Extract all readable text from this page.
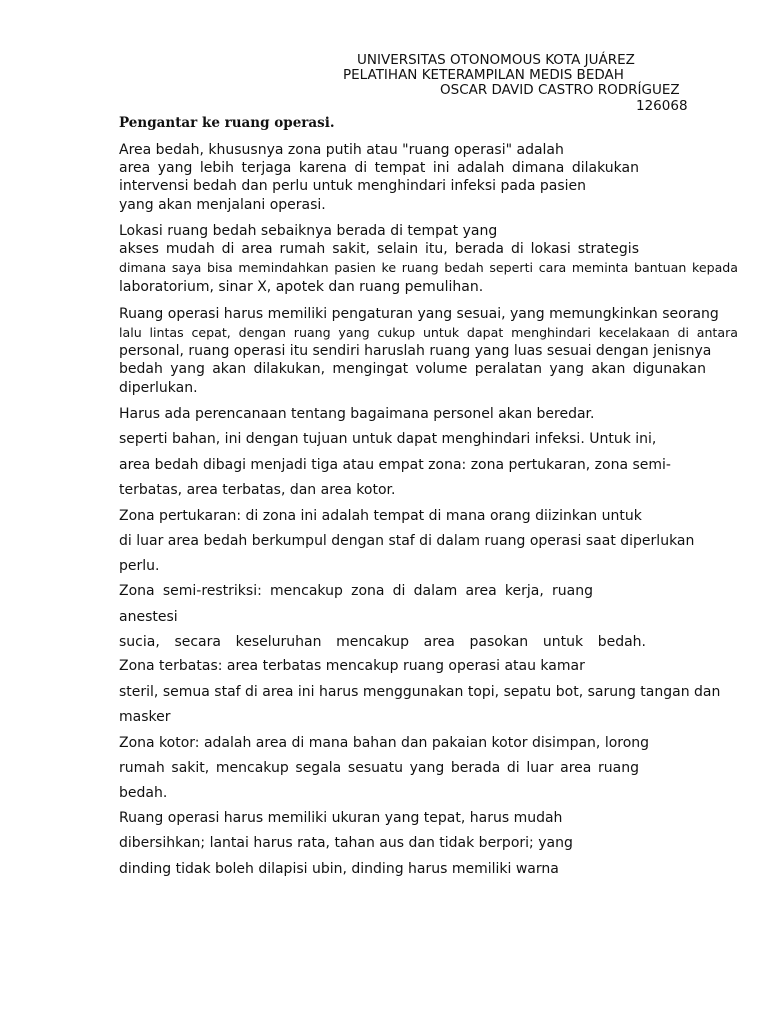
UNIVERSITAS OTONOMOUS KOTA JUÁREZ
PELATIHAN KETERAMPILAN MEDIS BEDAH
OSCAR DAVID CASTRO RODRÍGUEZ
126068
Pengantar ke ruang operasi.
Area bedah, khususnya zona putih atau "ruang operasi" adalah
area yang lebih terjaga karena di tempat ini adalah dimana dilakukan
intervensi bedah dan perlu untuk menghindari infeksi pada pasien
yang akan menjalani operasi.
Lokasi ruang bedah sebaiknya berada di tempat yang
akses mudah di area rumah sakit, selain itu, berada di lokasi strategis
dimana saya bisa memindahkan pasien ke ruang bedah seperti cara meminta bantuan kepada
laboratorium, sinar X, apotek dan ruang pemulihan.
Ruang operasi harus memiliki pengaturan yang sesuai, yang memungkinkan seorang
lalu lintas cepat, dengan ruang yang cukup untuk dapat menghindari kecelakaan di antara
personal, ruang operasi itu sendiri haruslah ruang yang luas sesuai dengan jenisnya
bedah yang akan dilakukan, mengingat volume peralatan yang akan digunakan
diperlukan.
Harus ada perencanaan tentang bagaimana personel akan beredar.
seperti bahan, ini dengan tujuan untuk dapat menghindari infeksi. Untuk ini,
area bedah dibagi menjadi tiga atau empat zona: zona pertukaran, zona semi-
terbatas, area terbatas, dan area kotor.
Zona pertukaran: di zona ini adalah tempat di mana orang diizinkan untuk
di luar area bedah berkumpul dengan staf di dalam ruang operasi saat diperlukan
perlu.
Zona semi-restriksi: mencakup zona di dalam area kerja, ruang
anestesi
sucia, secara keseluruhan mencakup area pasokan untuk bedah.
Zona terbatas: area terbatas mencakup ruang operasi atau kamar
steril, semua staf di area ini harus menggunakan topi, sepatu bot, sarung tangan dan
masker
Zona kotor: adalah area di mana bahan dan pakaian kotor disimpan, lorong
rumah sakit, mencakup segala sesuatu yang berada di luar area ruang
bedah.
Ruang operasi harus memiliki ukuran yang tepat, harus mudah
dibersihkan; lantai harus rata, tahan aus dan tidak berpori; yang
dinding tidak boleh dilapisi ubin, dinding harus memiliki warna
